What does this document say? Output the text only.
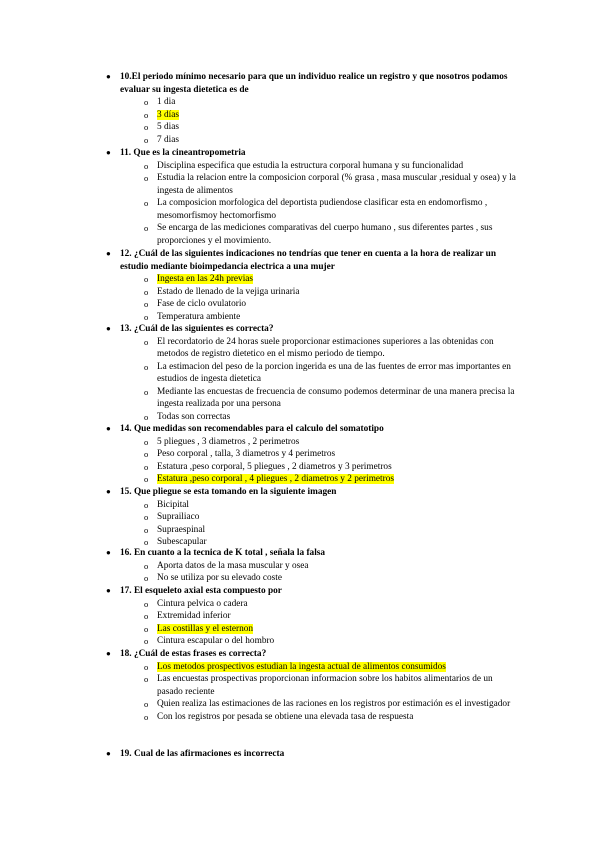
● 10.El periodo mínimo necesario para que un individuo realice un registro y que nosotros podamos evaluar su ingesta dietetica es de
o 1 dia
o 3 días
o 5 dias
o 7 dias
● 11. Que es la cineantropometria
o Disciplina especifica que estudia la estructura corporal humana y su funcionalidad
o Estudia la relacion entre la composicion corporal (% grasa , masa muscular ,residual y osea) y la ingesta de alimentos
o La composicion morfologica del deportista pudiendose clasificar esta en endomorfismo , mesomorfismoy hectomorfismo
o Se encarga de las mediciones comparativas del cuerpo humano , sus diferentes partes , sus proporciones y el movimiento.
● 12. ¿Cuál de las siguientes indicaciones no tendrías que tener en cuenta a la hora de realizar un estudio mediante bioimpedancia electrica a una mujer
o Ingesta en las 24h previas
o Estado de llenado de la vejiga urinaria
o Fase de ciclo ovulatorio
o Temperatura ambiente
● 13. ¿Cuál de las siguientes es correcta?
o El recordatorio de 24 horas suele proporcionar estimaciones superiores a las obtenidas con metodos de registro dietetico en el mismo periodo de tiempo.
o La estimacion del peso de la porcion ingerida es una de las fuentes de error mas importantes en estudios de ingesta dietetica
o Mediante las encuestas de frecuencia de consumo podemos determinar de una manera precisa la ingesta realizada por una persona
o Todas son correctas
● 14. Que medidas son recomendables para el calculo del somatotipo
o 5 pliegues , 3 diametros , 2 perimetros
o Peso corporal , talla, 3 diametros y 4 perimetros
o Estatura ,peso corporal, 5 pliegues , 2 diametros y 3 perimetros
o Estatura ,peso corporal , 4 pliegues , 2 diametros y 2 perimetros
● 15. Que pliegue se esta tomando en la siguiente imagen
o Bicipital
o Suprailiaco
o Supraespinal
o Subescapular
● 16. En cuanto a la tecnica de K total , señala la falsa
o Aporta datos de la masa muscular y osea
o No se utiliza por su elevado coste
● 17. El esqueleto axial esta compuesto por
o Cintura pelvica o cadera
o Extremidad inferior
o Las costillas y el esternon
o Cintura escapular o del hombro
● 18. ¿Cuál de estas frases es correcta?
o Los metodos prospectivos estudian la ingesta actual de alimentos consumidos
o Las encuestas prospectivas proporcionan informacion sobre los habitos alimentarios de un pasado reciente
o Quien realiza las estimaciones de las raciones en los registros por estimación es el investigador
o Con los registros por pesada se obtiene una elevada tasa de respuesta
● 19. Cual de las afirmaciones es incorrecta
